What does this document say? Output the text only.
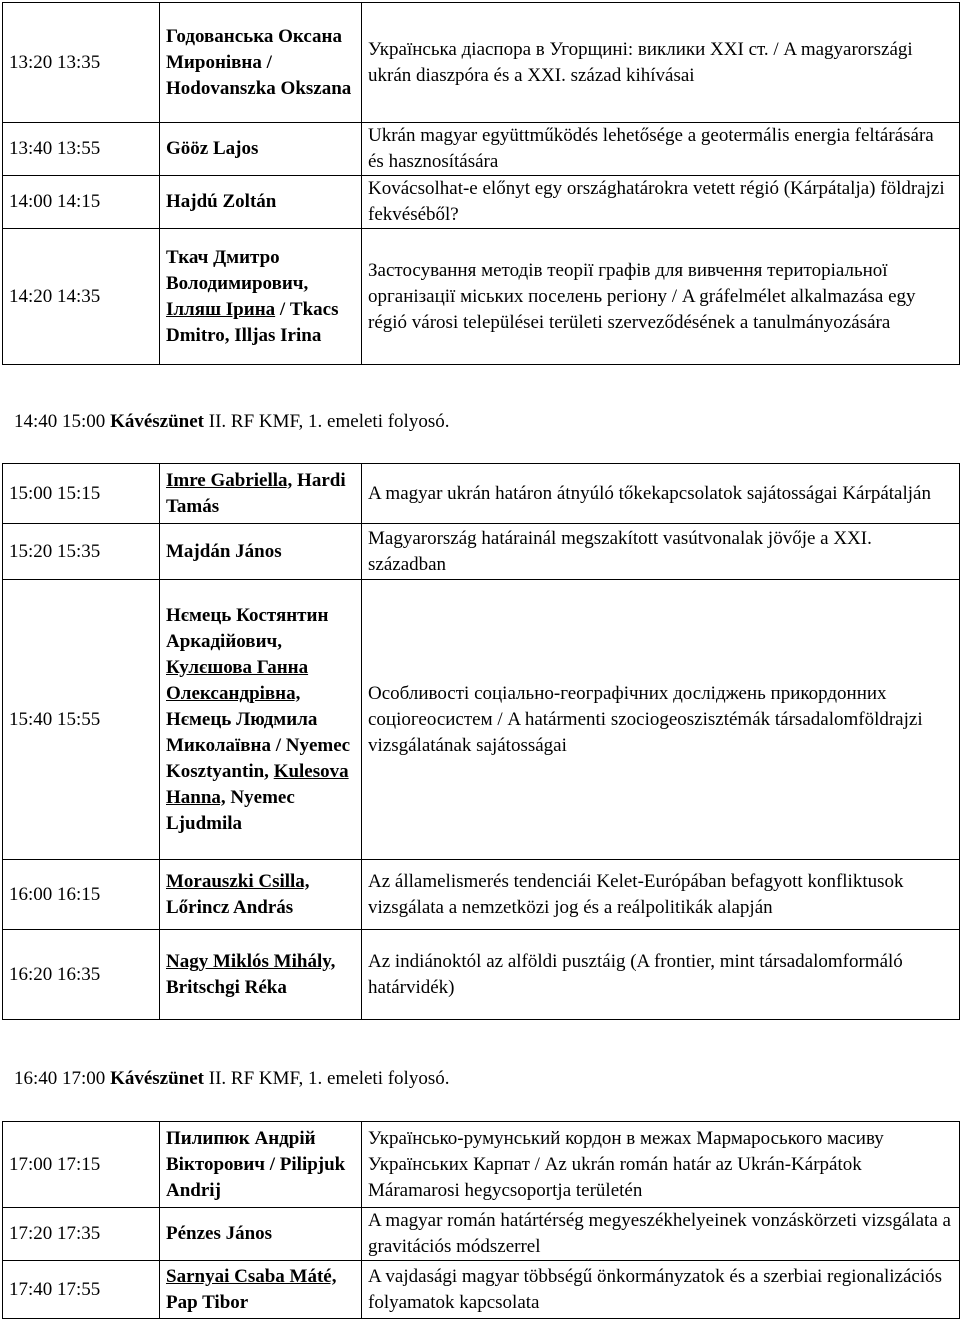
13:20 13:35	Годованська Оксана Миронівна / Hodovanszka Okszana	Українська діаспора в Угорщині: виклики XXI ст. / A magyarországi ukrán diaszpóra és a XXI. század kihívásai
13:40 13:55	Gööz Lajos	Ukrán magyar együttműködés lehetősége a geotermális energia feltárására és hasznosítására
14:00 14:15	Hajdú Zoltán	Kovácsolhat-e előnyt egy országhatárokra vetett régió (Kárpátalja) földrajzi fekvéséből?
14:20 14:35	Ткач Дмитро Володимирович, Ілляш Ірина / Tkacs Dmitro, Illjas Irina	Застосування методів теорії графів для вивчення територіальної організації міських поселень регіону / A gráfelmélet alkalmazása egy régió városi települései területi szerveződésének a tanulmányozására
14:40 15:00 Kávészünet II. RF KMF, 1. emeleti folyosó.
15:00 15:15	Imre Gabriella, Hardi Tamás	A magyar ukrán határon átnyúló tőkekapcsolatok sajátosságai Kárpátalján
15:20 15:35	Majdán János	Magyarország határainál megszakított vasútvonalak jövője a XXI. században
15:40 15:55	Нємець Костянтин Аркадійович, Кулєшова Ганна Олександрівна, Нємець Людмила Миколаївна / Nyemec Kosztyantin, Kulesova Hanna, Nyemec Ljudmila	Особливості соціально-географічних досліджень прикордонних соціогеосистем / A határmenti szociogeoszisztémák társadalomföldrajzi vizsgálatának sajátosságai
16:00 16:15	Morauszki Csilla, Lőrincz András	Az államelismerés tendenciái Kelet-Európában befagyott konfliktusok vizsgálata a nemzetközi jog és a reálpolitikák alapján
16:20 16:35	Nagy Miklós Mihály, Britschgi Réka	Az indiánoktól az alföldi pusztáig (A frontier, mint társadalomformáló határvidék)
16:40 17:00 Kávészünet II. RF KMF, 1. emeleti folyosó.
17:00 17:15	Пилипюк Андрій Вікторович / Pilipjuk Andrij	Українсько-румунський кордон в межах Мармароського масиву Українських Карпат / Az ukrán román határ az Ukrán-Kárpátok Máramarosi hegycsoportja területén
17:20 17:35	Pénzes János	A magyar román határtérség megyeszékhelyeinek vonzáskörzeti vizsgálata a gravitációs módszerrel
17:40 17:55	Sarnyai Csaba Máté, Pap Tibor	A vajdasági magyar többségű önkormányzatok és a szerbiai regionalizációs folyamatok kapcsolata
